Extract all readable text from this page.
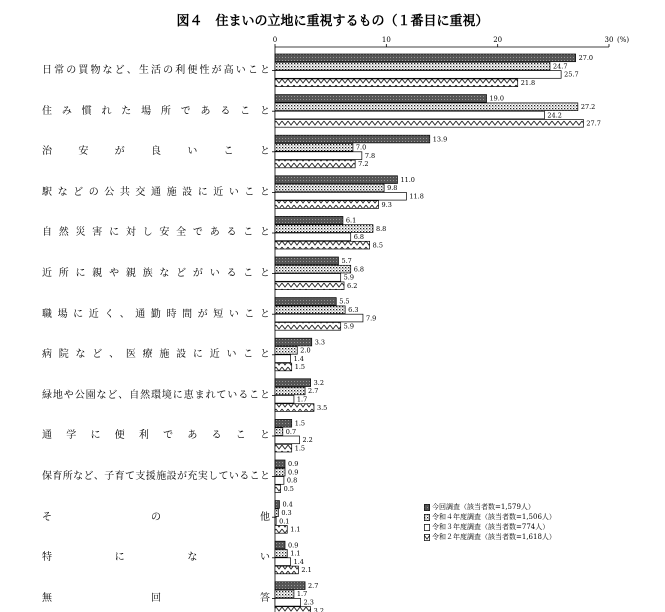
図４　住まいの立地に重視するもの（１番目に重視）
0	10	20	30 (%)
27.0
24.7
25.7
21.8
19.0
27.2
24.2
27.7
13.9
7.0
7.8
7.2
11.0
9.8
11.8
9.3
6.1
8.8
6.8
8.5
5.7
6.8
5.9
6.2
5.5
6.3
7.9
5.9
3.3
2.0
1.4
1.5
3.2
2.7
1.7
3.5
1.5
0.7
2.2
1.5
0.9
0.9
0.8
0.5
0.4
0.3
0.1
1.1
0.9
1.1
1.4
2.1
2.7
1.7
2.3
3.2
日常の買物など、生活の利便性が高いこと
住み慣れた場所であること
治安が良いこと
駅などの公共交通施設に近いこと
自然災害に対し安全であること
近所に親や親族などがいること
職場に近く、通勤時間が短いこと
病院など、医療施設に近いこと
緑地や公園など、自然環境に恵まれていること
通学に便利であること
保育所など、子育て支援施設が充実していること
その他
特にない
無回答
今回調査（該当者数=1,579人）
令和４年度調査（該当者数=1,506人）
令和３年度調査（該当者数=774人）
令和２年度調査（該当者数=1,618人）
